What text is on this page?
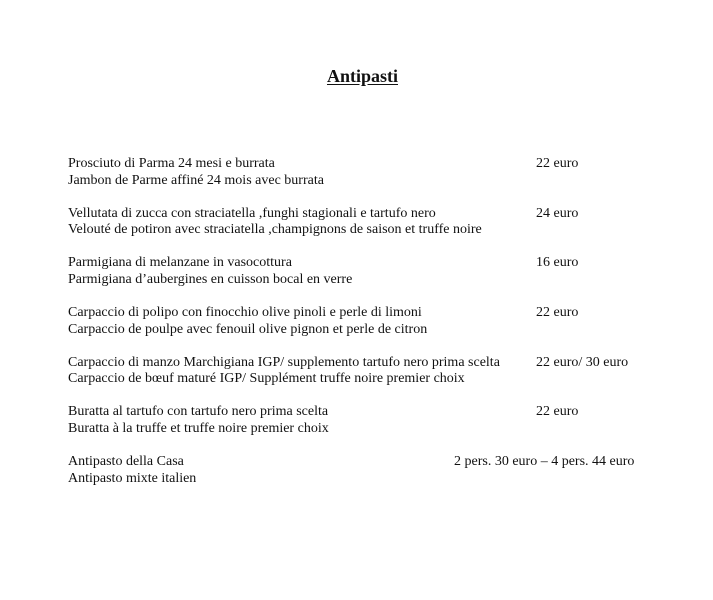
Antipasti
Prosciuto di Parma 24 mesi e burrata
Jambon de Parme affiné 24 mois avec burrata
22 euro
Vellutata di zucca con straciatella ,funghi stagionali e tartufo nero
Velouté de potiron avec straciatella ,champignons de saison et truffe noire
24 euro
Parmigiana di melanzane in vasocottura
Parmigiana d’aubergines en cuisson bocal en verre
16 euro
Carpaccio di polipo con finocchio olive pinoli e perle di limoni
Carpaccio de poulpe avec fenouil olive pignon et perle de citron
22 euro
Carpaccio di manzo Marchigiana IGP/ supplemento tartufo nero prima scelta
Carpaccio de bœuf maturé IGP/ Supplément truffe noire premier choix
22 euro/ 30 euro
Buratta al tartufo con tartufo nero prima scelta
Buratta à la truffe et truffe noire premier choix
22 euro
Antipasto della Casa
Antipasto mixte italien
2 pers. 30 euro – 4 pers. 44 euro
